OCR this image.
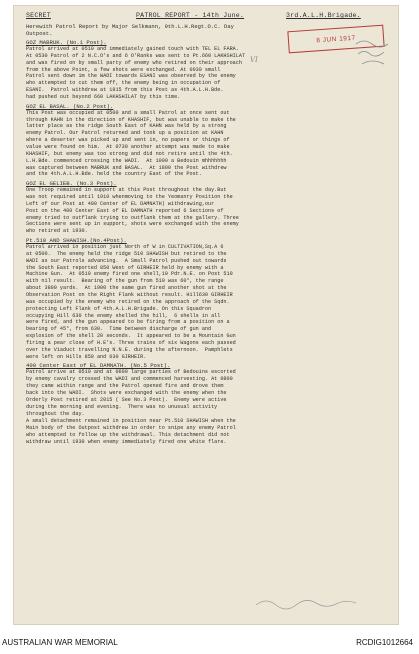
SECRET	PATROL REPORT - 14th June.	3rd.A.L.H.Brigade.
Herewith Patrol Report by Major Selkmann, 9th.L.H.Regt.O.C. Day
Outpost.
GOZ MABRUK. (No.1 Post).
Patrol arrived at 0510 and immediately gained touch with TEL EL FARA.
At 0530 Patrol of 2 N.C.O's and 6 O'Ranks was sent to Pt.660 LAKHSHILAT
and was fired on by small party of enemy who retired on their approach
from the above Point, a few shots were exchanged. At 0930 small
Patrol sent down im the WADI towards ESANI was observed by the enemy
who attempted to cut them off, the enemy being in occupation of
ESANI.  Patrol withdrew at 1815 from this Post as 4th.A.L.H.Bde.
had pushed out beyond 660 LAKHSHILAT by this time.
GOZ EL BASAL. (No.2 Post).
This Post was occupied at 0500 and a small Patrol at once sent out
through KAHN in the direction of KHASHIF, but was unable to make the
latter place as the ridge South East of KAHN was held by a strong
enemy Patrol. Our Patrol returned and took up a position at KAHN
where a deserter was picked up and sent in, no papers or things of
value were found on him.  At 0730 another attempt was made to make
KHASHIF, but enemy was too strong and did not retire until the 4th.
L.H.Bde. commenced crossing the WADI.  At 1000 a Bedouin mhhhhhhh
was captured between MABRUK and BASAL.  At 1800 the Post withdrew
and the 4th.A.L.H.Bde. held the country East of the Post.
GOZ EL GELIEB. (No.3 Post).
One Troop remained in support at this Post throughout the day.But
was not required until 1910 whenmoving to the Yeomanry Position the
Left of our Post at 400 Center of EL DAMNATH) withdrawing,our
Post on the 400 Center East of EL DAMNATH reported 6 Sections of
enemy tried to outflank trying to outflank them at the gallery. Three
Sections were sent up in support, shots were exchanged with the enemy
who retired at 1930.
Pt.510 AND SHAWISH.(No.4Post).
Patrol arrived in position just North of W in CULTIVATION,Sq.A 6
at 0500.  The enemy held the ridge 510 SHAWISH but retired to the
WADI as our Patrols advancing.  A Small Patrol pushed out towards
the South East reported 850 West of GIRHEIR held by enemy with a
Machine Gun.  At 0510 enemy fired one shell,10 Pdr.N.E. on Post 510
with nil result.  Bearing of the gun from 510 was 60°, the range
about 3800 yards.  At 1900 the same gun fired another shot at the
Observation Post on the Right Flank without result. Hill630 GIRHEIR
was occupied by the enemy who retired on the approach of the Sqdn.
protecting Left Flank of 4th.A.L.H.Brigade. On this Squadron
occupying Hill 630 the enemy shelled the hill,  6 shells in all
were fired, and the gun appeared to be firing from a position on a
bearing of 45°, from 630.  Time between discharge of gun and
explosion of the shell 20 seconds.  It appeared to be a Mountain Gun
firing a pear close of H.E's. Three trains of six Wagons each passed
over the Viaduct travelling N.N.E. during the afternoon.  Pamphlets
were left on Hills 850 and 630 GIRHEIR.
400 Center East of EL DAMNATH. (No.5 Post).
Patrol arrive at 0510 and at 0600 large parties of Bedouins escorted
by enemy cavalry crossed the WADI and commenced harvesting. At 0800
they came within range and the Patrol opened fire and drove them
back into the WADI.  Shots were exchanged with the enemy when the
Orderly Post retired at 2015 ( See No.3 Post).  Enemy were active
during the morning and evening.  There was no unusual activity
throughout the day.
A small detachment remained in position near Pt.510 SHAWISH when the
Main body of the Outpost withdrew in order to snipe any enemy Patrol
who attempted to follow up the withdrawal. This detachment did not
withdraw until 1930 when enemy immediately fired one white flare.
8 JUN 1917
VI
AUSTRALIAN WAR MEMORIAL	RCDIG1012664
